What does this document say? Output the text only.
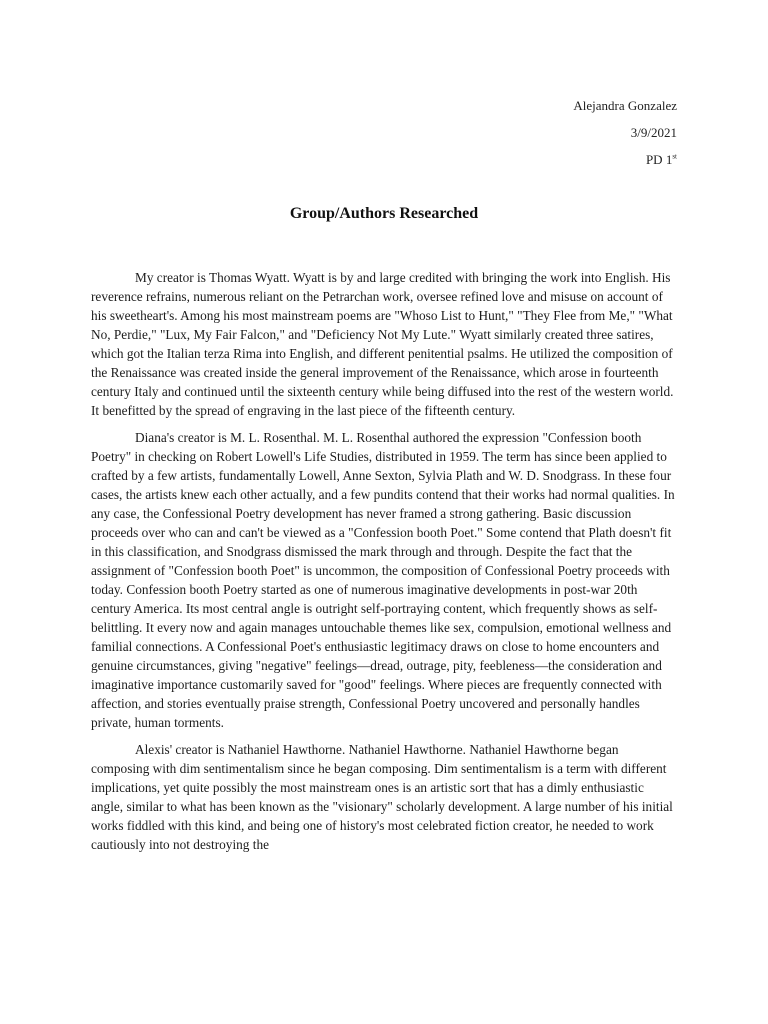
Alejandra Gonzalez
3/9/2021
PD 1st
Group/Authors Researched

My creator is Thomas Wyatt. Wyatt is by and large credited with bringing the work into English. His reverence refrains, numerous reliant on the Petrarchan work, oversee refined love and misuse on account of his sweetheart's. Among his most mainstream poems are "Whoso List to Hunt," "They Flee from Me," "What No, Perdie," "Lux, My Fair Falcon," and "Deficiency Not My Lute." Wyatt similarly created three satires, which got the Italian terza Rima into English, and different penitential psalms. He utilized the composition of the Renaissance was created inside the general improvement of the Renaissance, which arose in fourteenth century Italy and continued until the sixteenth century while being diffused into the rest of the western world. It benefitted by the spread of engraving in the last piece of the fifteenth century.

Diana's creator is M. L. Rosenthal. M. L. Rosenthal authored the expression "Confession booth Poetry" in checking on Robert Lowell's Life Studies, distributed in 1959. The term has since been applied to crafted by a few artists, fundamentally Lowell, Anne Sexton, Sylvia Plath and W. D. Snodgrass. In these four cases, the artists knew each other actually, and a few pundits contend that their works had normal qualities. In any case, the Confessional Poetry development has never framed a strong gathering. Basic discussion proceeds over who can and can't be viewed as a "Confession booth Poet." Some contend that Plath doesn't fit in this classification, and Snodgrass dismissed the mark through and through. Despite the fact that the assignment of "Confession booth Poet" is uncommon, the composition of Confessional Poetry proceeds with today. Confession booth Poetry started as one of numerous imaginative developments in post-war 20th century America. Its most central angle is outright self-portraying content, which frequently shows as self-belittling. It every now and again manages untouchable themes like sex, compulsion, emotional wellness and familial connections. A Confessional Poet's enthusiastic legitimacy draws on close to home encounters and genuine circumstances, giving "negative" feelings—dread, outrage, pity, feebleness—the consideration and imaginative importance customarily saved for "good" feelings. Where pieces are frequently connected with affection, and stories eventually praise strength, Confessional Poetry uncovered and personally handles private, human torments.

Alexis' creator is Nathaniel Hawthorne. Nathaniel Hawthorne. Nathaniel Hawthorne began composing with dim sentimentalism since he began composing. Dim sentimentalism is a term with different implications, yet quite possibly the most mainstream ones is an artistic sort that has a dimly enthusiastic angle, similar to what has been known as the "visionary" scholarly development. A large number of his initial works fiddled with this kind, and being one of history's most celebrated fiction creator, he needed to work cautiously into not destroying the
